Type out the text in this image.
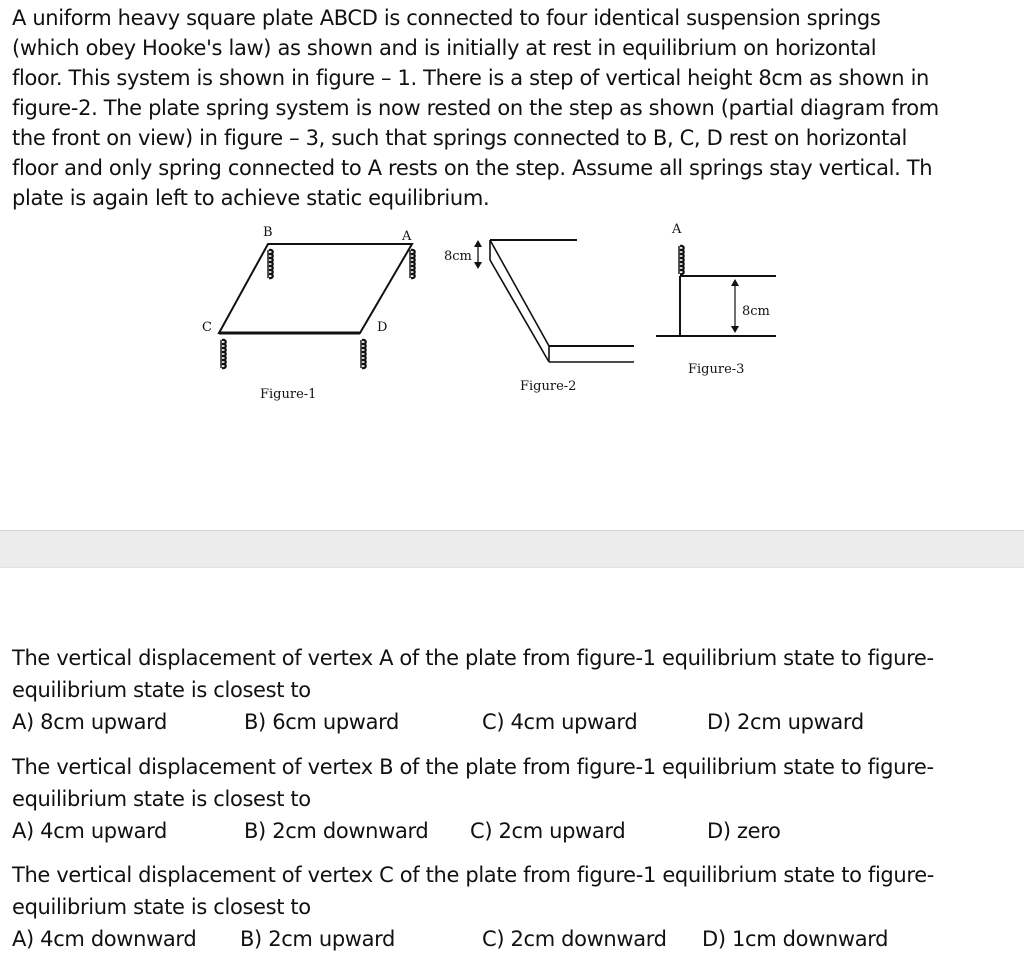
A uniform heavy square plate ABCD is connected to four identical suspension springs
(which obey Hooke's law) as shown and is initially at rest in equilibrium on horizontal
floor. This system is shown in figure – 1. There is a step of vertical height 8cm as shown in
figure-2. The plate spring system is now rested on the step as shown (partial diagram from
the front on view) in figure – 3, such that springs connected to B, C, D rest on horizontal
floor and only spring connected to A rests on the step. Assume all springs stay vertical. Th
plate is again left to achieve static equilibrium.
B	A
C	D
Figure-1
8cm
Figure-2
A
8cm
Figure-3
The vertical displacement of vertex A of the plate from figure-1 equilibrium state to figure-
equilibrium state is closest to
A) 8cm upward	B) 6cm upward	C) 4cm upward	D) 2cm upward
The vertical displacement of vertex B of the plate from figure-1 equilibrium state to figure-
equilibrium state is closest to
A) 4cm upward	B) 2cm downward C) 2cm upward	D) zero
The vertical displacement of vertex C of the plate from figure-1 equilibrium state to figure-
equilibrium state is closest to
A) 4cm downward B) 2cm upward	C) 2cm downward D) 1cm downward
